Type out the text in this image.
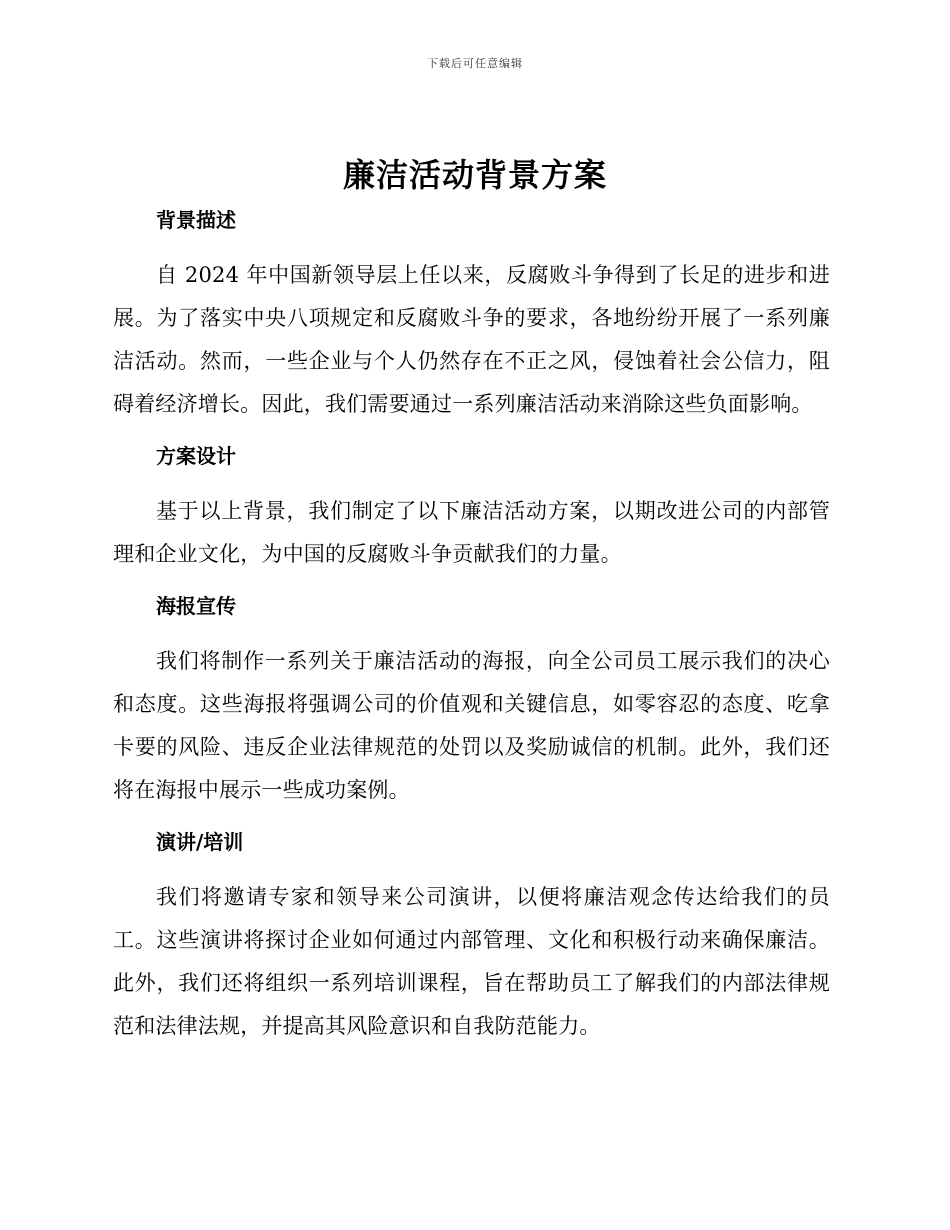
下载后可任意编辑
廉洁活动背景方案
背景描述

自 2024 年中国新领导层上任以来，反腐败斗争得到了长足的进步和进展。为了落实中央八项规定和反腐败斗争的要求，各地纷纷开展了一系列廉洁活动。然而，一些企业与个人仍然存在不正之风，侵蚀着社会公信力，阻碍着经济增长。因此，我们需要通过一系列廉洁活动来消除这些负面影响。

方案设计

基于以上背景，我们制定了以下廉洁活动方案，以期改进公司的内部管理和企业文化，为中国的反腐败斗争贡献我们的力量。

海报宣传

我们将制作一系列关于廉洁活动的海报，向全公司员工展示我们的决心和态度。这些海报将强调公司的价值观和关键信息，如零容忍的态度、吃拿卡要的风险、违反企业法律规范的处罚以及奖励诚信的机制。此外，我们还将在海报中展示一些成功案例。

演讲/培训

我们将邀请专家和领导来公司演讲，以便将廉洁观念传达给我们的员工。这些演讲将探讨企业如何通过内部管理、文化和积极行动来确保廉洁。此外，我们还将组织一系列培训课程，旨在帮助员工了解我们的内部法律规范和法律法规，并提高其风险意识和自我防范能力。
